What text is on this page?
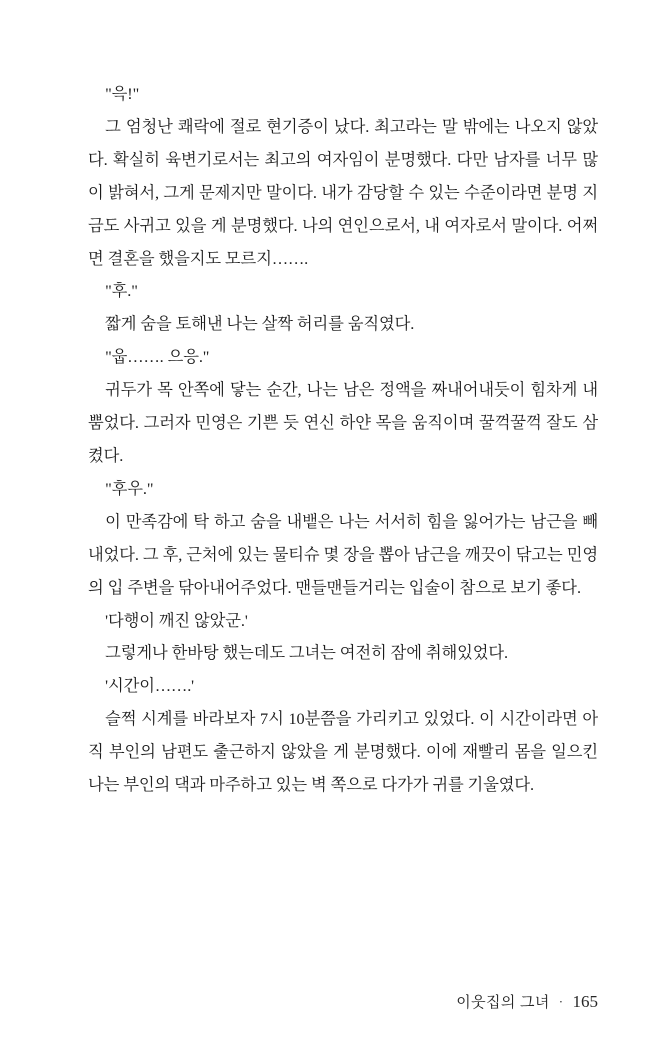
"윽!"

그 엄청난 쾌락에 절로 현기증이 났다. 최고라는 말 밖에는 나오지 않았다. 확실히 육변기로서는 최고의 여자임이 분명했다. 다만 남자를 너무 많이 밝혀서, 그게 문제지만 말이다. 내가 감당할 수 있는 수준이라면 분명 지금도 사귀고 있을 게 분명했다. 나의 연인으로서, 내 여자로서 말이다. 어쩌면 결혼을 했을지도 모르지…….

"후."

짧게 숨을 토해낸 나는 살짝 허리를 움직였다.

"웁……. 으응."

귀두가 목 안쪽에 닿는 순간, 나는 남은 정액을 짜내어내듯이 힘차게 내뿜었다. 그러자 민영은 기쁜 듯 연신 하얀 목을 움직이며 꿀꺽꿀꺽 잘도 삼켰다.

"후우."

이 만족감에 탁 하고 숨을 내뱉은 나는 서서히 힘을 잃어가는 남근을 빼내었다. 그 후, 근처에 있는 물티슈 몇 장을 뽑아 남근을 깨끗이 닦고는 민영의 입 주변을 닦아내어주었다. 맨들맨들거리는 입술이 참으로 보기 좋다.

'다행이 깨진 않았군.'

그렇게나 한바탕 했는데도 그녀는 여전히 잠에 취해있었다.

'시간이…….'

슬쩍 시계를 바라보자 7시 10분쯤을 가리키고 있었다. 이 시간이라면 아직 부인의 남편도 출근하지 않았을 게 분명했다. 이에 재빨리 몸을 일으킨 나는 부인의 댁과 마주하고 있는 벽 쪽으로 다가가 귀를 기울였다.

이웃집의 그녀 · 165
